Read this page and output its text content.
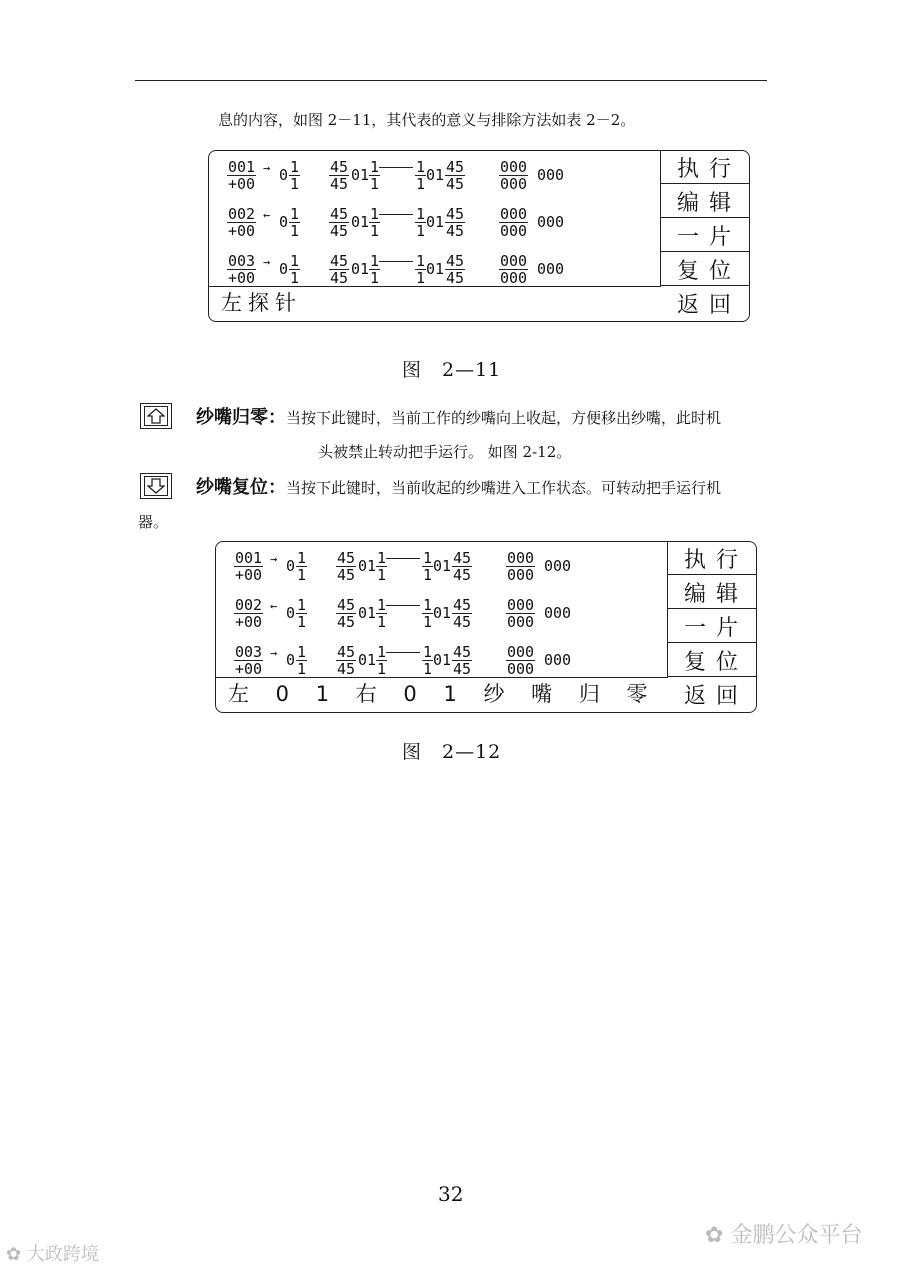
息的内容，如图 2－11，其代表的意义与排除方法如表 2－2。
$\frac{001}{+00} \to 0 \frac{1}{1} \frac{45}{45} 01 \frac{1}{1} \frac{1}{1} 01 \frac{45}{45} \frac{000}{000} 000$
$\frac{002}{+00}$ ← $0 \frac{1}{1} \frac{45}{45} 01 \frac{1}{1} \frac{1}{1} 01 \frac{45}{45} \frac{000}{000} 000$
$\frac{003}{+00} \to 0 \frac{1}{1} \frac{45}{45} 01 \frac{1}{1} \frac{1}{1} 01 \frac{45}{45} \frac{000}{000} 000$
左探针
执行
编辑
一片
复位
返回
图　2—11
纱嘴归零：当按下此键时，当前工作的纱嘴向上收起，方便移出纱嘴，此时机
头被禁止转动把手运行。 如图 2-12。
纱嘴复位：当按下此键时，当前收起的纱嘴进入工作状态。可转动把手运行机
器。
$\frac{001}{+00} \to 0 \frac{1}{1} \frac{45}{45} 01 \frac{1}{1} \frac{1}{1} 01 \frac{45}{45} \frac{000}{000} 000$
$\frac{002}{+00}$ ← $0 \frac{1}{1} \frac{45}{45} 01 \frac{1}{1} \frac{1}{1} 01 \frac{45}{45} \frac{000}{000} 000$
$\frac{003}{+00} \to 0 \frac{1}{1} \frac{45}{45} 01 \frac{1}{1} \frac{1}{1} 01 \frac{45}{45} \frac{000}{000} 000$
左 0 1 右 0 1 纱 嘴 归 零
执行
编辑
一片
复位
返回
图　2—12
32
✿ 金鹏公众平台
✿ 大政跨境
